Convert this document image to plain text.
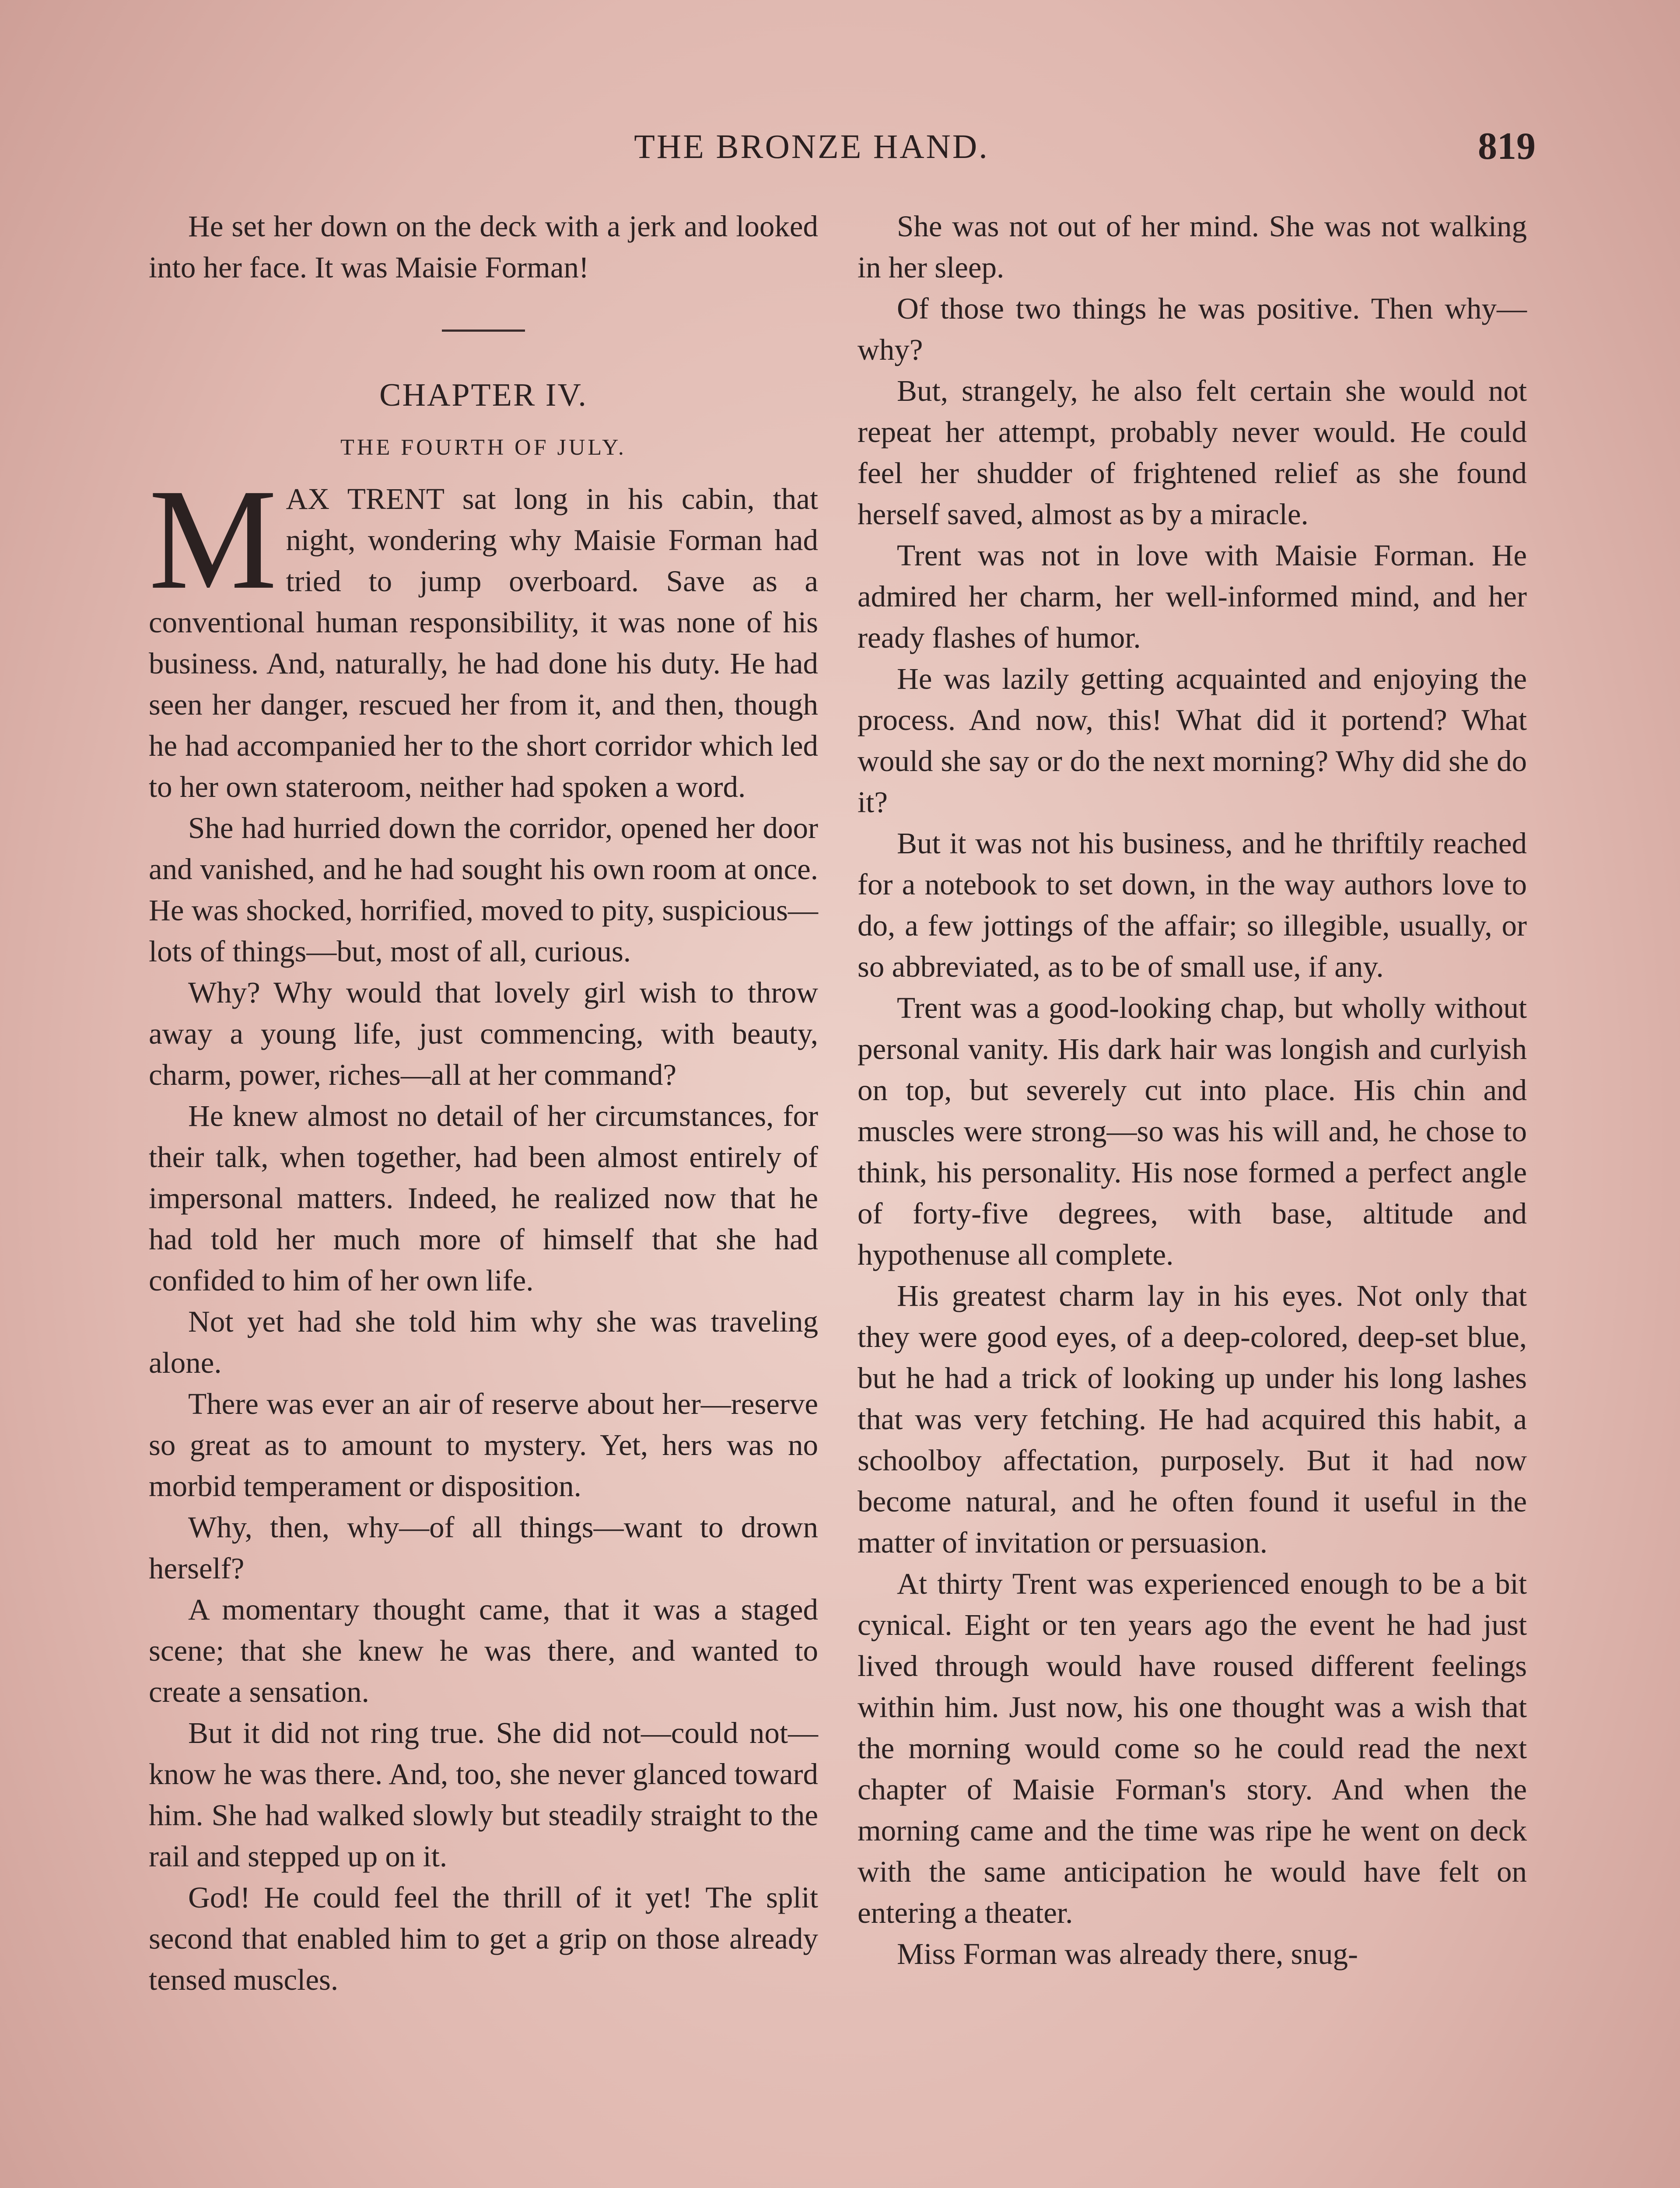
THE BRONZE HAND.	819

He set her down on the deck with a jerk and looked into her face. It was Maisie Forman!

CHAPTER IV.
THE FOURTH OF JULY.

MAX TRENT sat long in his cabin, that night, wondering why Maisie Forman had tried to jump overboard. Save as a conventional human responsibility, it was none of his business. And, naturally, he had done his duty. He had seen her danger, rescued her from it, and then, though he had accompanied her to the short corridor which led to her own stateroom, neither had spoken a word.

She had hurried down the corridor, opened her door and vanished, and he had sought his own room at once. He was shocked, horrified, moved to pity, suspicious—lots of things—but, most of all, curious.

Why? Why would that lovely girl wish to throw away a young life, just commencing, with beauty, charm, power, riches—all at her command?

He knew almost no detail of her circumstances, for their talk, when together, had been almost entirely of impersonal matters. Indeed, he realized now that he had told her much more of himself that she had confided to him of her own life.

Not yet had she told him why she was traveling alone.

There was ever an air of reserve about her—reserve so great as to amount to mystery. Yet, hers was no morbid temperament or disposition.

Why, then, why—of all things—want to drown herself?

A momentary thought came, that it was a staged scene; that she knew he was there, and wanted to create a sensation.

But it did not ring true. She did not—could not—know he was there. And, too, she never glanced toward him. She had walked slowly but steadily straight to the rail and stepped up on it.

God! He could feel the thrill of it yet! The split second that enabled him to get a grip on those already tensed muscles.

She was not out of her mind. She was not walking in her sleep.

Of those two things he was positive. Then why—why?

But, strangely, he also felt certain she would not repeat her attempt, probably never would. He could feel her shudder of frightened relief as she found herself saved, almost as by a miracle.

Trent was not in love with Maisie Forman. He admired her charm, her well-informed mind, and her ready flashes of humor.

He was lazily getting acquainted and enjoying the process. And now, this! What did it portend? What would she say or do the next morning? Why did she do it?

But it was not his business, and he thriftily reached for a notebook to set down, in the way authors love to do, a few jottings of the affair; so illegible, usually, or so abbreviated, as to be of small use, if any.

Trent was a good-looking chap, but wholly without personal vanity. His dark hair was longish and curlyish on top, but severely cut into place. His chin and muscles were strong—so was his will and, he chose to think, his personality. His nose formed a perfect angle of forty-five degrees, with base, altitude and hypothenuse all complete.

His greatest charm lay in his eyes. Not only that they were good eyes, of a deep-colored, deep-set blue, but he had a trick of looking up under his long lashes that was very fetching. He had acquired this habit, a schoolboy affectation, purposely. But it had now become natural, and he often found it useful in the matter of invitation or persuasion.

At thirty Trent was experienced enough to be a bit cynical. Eight or ten years ago the event he had just lived through would have roused different feelings within him. Just now, his one thought was a wish that the morning would come so he could read the next chapter of Maisie Forman's story. And when the morning came and the time was ripe he went on deck with the same anticipation he would have felt on entering a theater.

Miss Forman was already there, snug-
